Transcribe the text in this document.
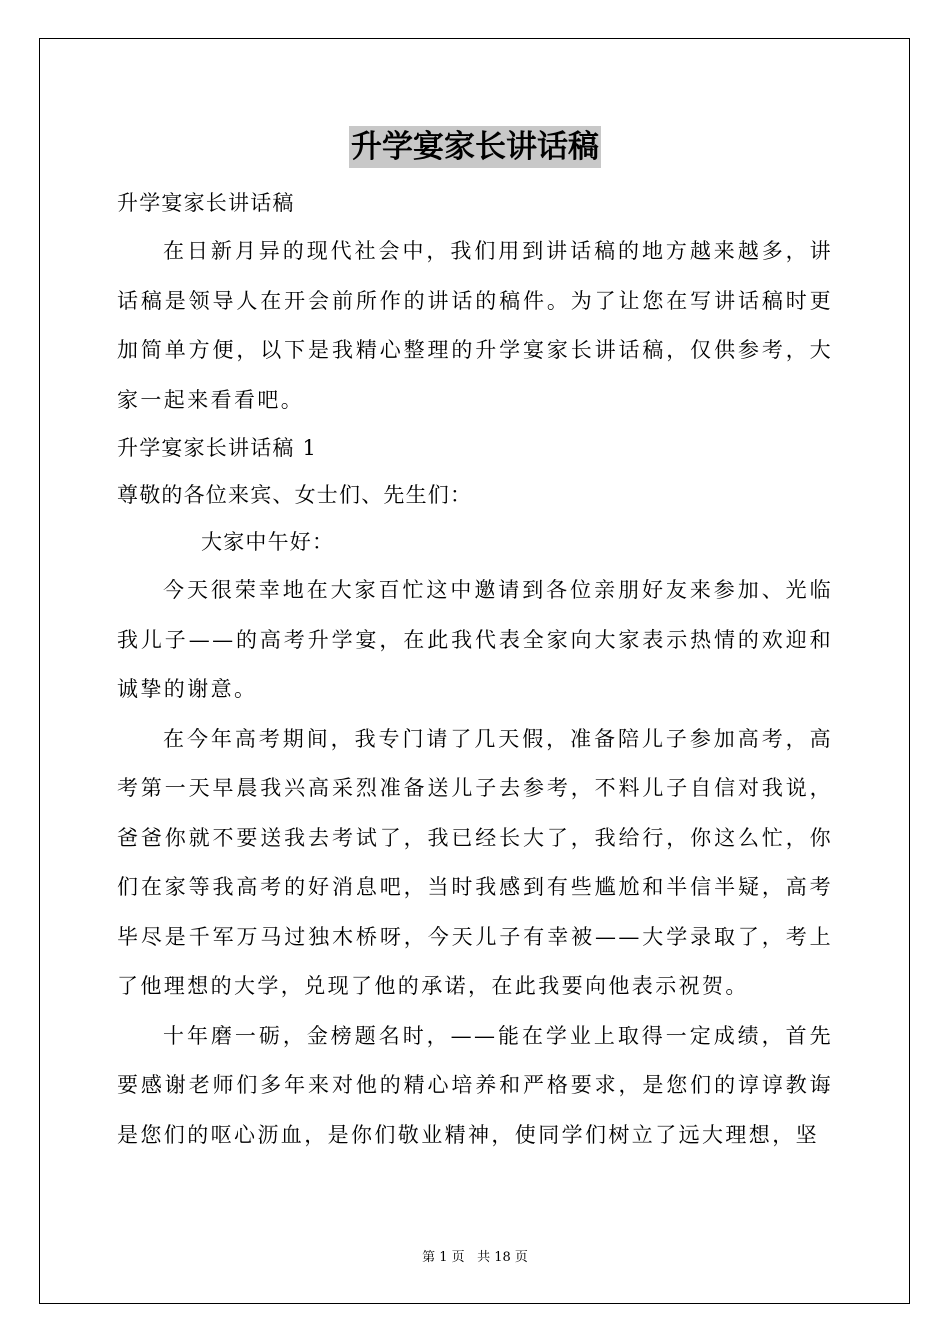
升学宴家长讲话稿
升学宴家长讲话稿

在日新月异的现代社会中，我们用到讲话稿的地方越来越多，讲话稿是领导人在开会前所作的讲话的稿件。为了让您在写讲话稿时更加简单方便，以下是我精心整理的升学宴家长讲话稿，仅供参考，大家一起来看看吧。

升学宴家长讲话稿 1
尊敬的各位来宾、女士们、先生们：
大家中午好：

今天很荣幸地在大家百忙这中邀请到各位亲朋好友来参加、光临我儿子——的高考升学宴，在此我代表全家向大家表示热情的欢迎和诚挚的谢意。

在今年高考期间，我专门请了几天假，准备陪儿子参加高考，高考第一天早晨我兴高采烈准备送儿子去参考，不料儿子自信对我说，爸爸你就不要送我去考试了，我已经长大了，我给行，你这么忙，你们在家等我高考的好消息吧，当时我感到有些尴尬和半信半疑，高考毕尽是千军万马过独木桥呀，今天儿子有幸被——大学录取了，考上了他理想的大学，兑现了他的承诺，在此我要向他表示祝贺。

十年磨一砺，金榜题名时，——能在学业上取得一定成绩，首先要感谢老师们多年来对他的精心培养和严格要求，是您们的谆谆教诲是您们的呕心沥血，是你们敬业精神，使同学们树立了远大理想，坚

第 1 页 共 18 页
